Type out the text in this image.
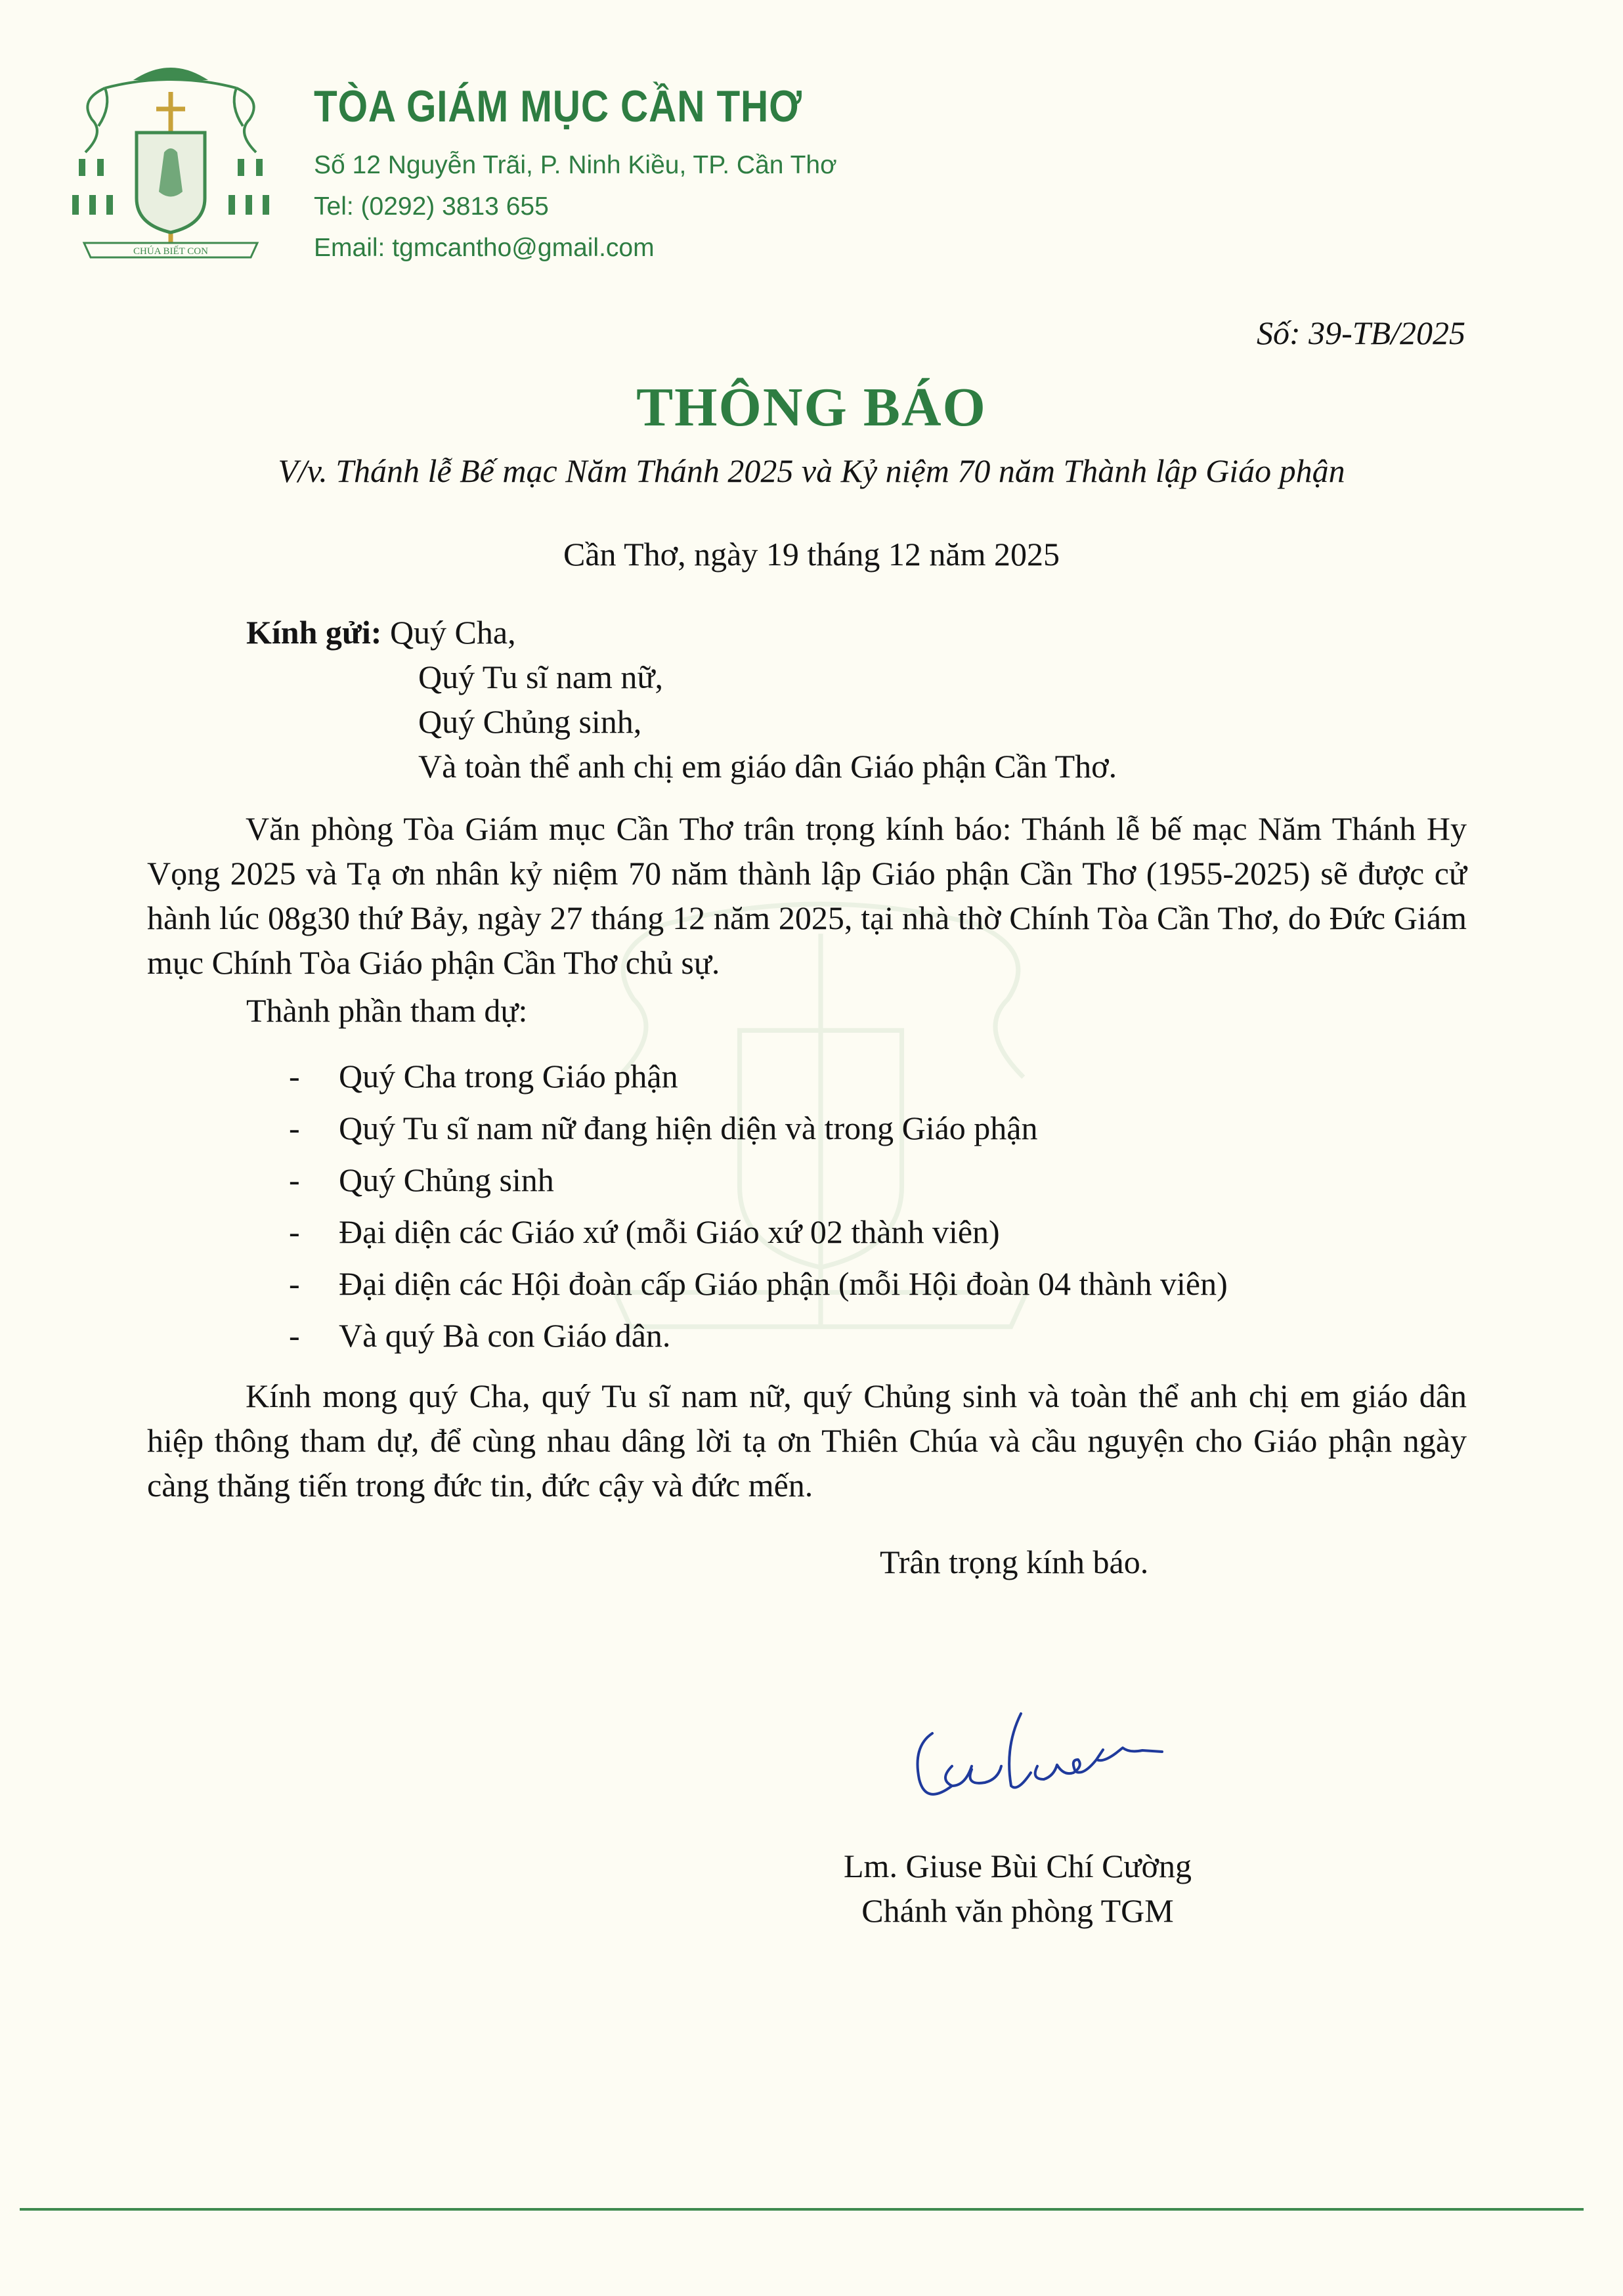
CHÚA BIẾT CON
TÒA GIÁM MỤC CẦN THƠ
Số 12 Nguyễn Trãi, P. Ninh Kiều, TP. Cần Thơ
Tel: (0292) 3813 655
Email: tgmcantho@gmail.com
Số: 39-TB/2025
THÔNG BÁO
V/v. Thánh lễ Bế mạc Năm Thánh 2025 và Kỷ niệm 70 năm Thành lập Giáo phận
Cần Thơ, ngày 19 tháng 12 năm 2025
Kính gửi: Quý Cha,
Quý Tu sĩ nam nữ,
Quý Chủng sinh,
Và toàn thể anh chị em giáo dân Giáo phận Cần Thơ.
Văn phòng Tòa Giám mục Cần Thơ trân trọng kính báo: Thánh lễ bế mạc Năm Thánh Hy Vọng 2025 và Tạ ơn nhân kỷ niệm 70 năm thành lập Giáo phận Cần Thơ (1955-2025) sẽ được cử hành lúc 08g30 thứ Bảy, ngày 27 tháng 12 năm 2025, tại nhà thờ Chính Tòa Cần Thơ, do Đức Giám mục Chính Tòa Giáo phận Cần Thơ chủ sự.
Thành phần tham dự:
- Quý Cha trong Giáo phận
- Quý Tu sĩ nam nữ đang hiện diện và trong Giáo phận
- Quý Chủng sinh
- Đại diện các Giáo xứ (mỗi Giáo xứ 02 thành viên)
- Đại diện các Hội đoàn cấp Giáo phận (mỗi Hội đoàn 04 thành viên)
- Và quý Bà con Giáo dân.
Kính mong quý Cha, quý Tu sĩ nam nữ, quý Chủng sinh và toàn thể anh chị em giáo dân hiệp thông tham dự, để cùng nhau dâng lời tạ ơn Thiên Chúa và cầu nguyện cho Giáo phận ngày càng thăng tiến trong đức tin, đức cậy và đức mến.
Trân trọng kính báo.
Lm. Giuse Bùi Chí Cường
Chánh văn phòng TGM
